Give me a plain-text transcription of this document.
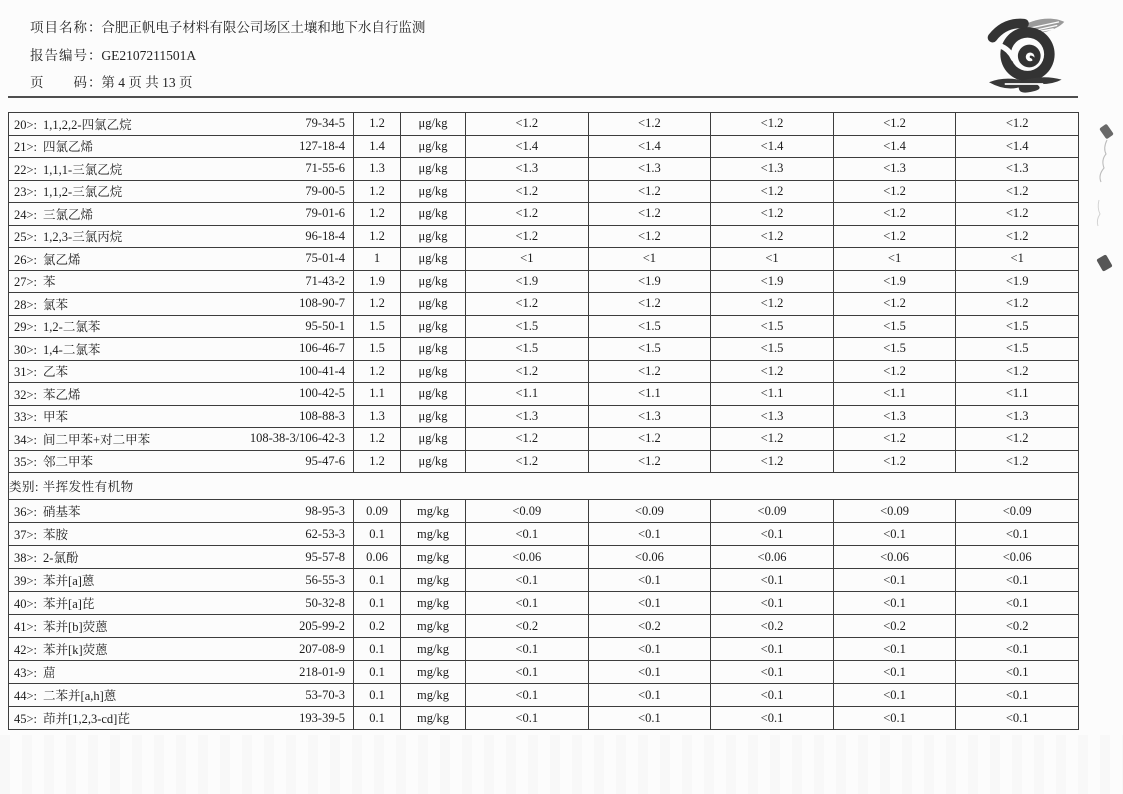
项目名称： 合肥正帆电子材料有限公司场区土壤和地下水自行监测
报告编号： GE2107211501A
页　　码： 第 4 页 共 13 页
20>: 1,1,2,2-四氯乙烷 79-34-5	1.2	μg/kg	<1.2	<1.2	<1.2	<1.2	<1.2

21>: 四氯乙烯 127-18-4	1.4	μg/kg	<1.4	<1.4	<1.4	<1.4	<1.4

22>: 1,1,1-三氯乙烷 71-55-6	1.3	μg/kg	<1.3	<1.3	<1.3	<1.3	<1.3

23>: 1,1,2-三氯乙烷 79-00-5	1.2	μg/kg	<1.2	<1.2	<1.2	<1.2	<1.2

24>: 三氯乙烯 79-01-6	1.2	μg/kg	<1.2	<1.2	<1.2	<1.2	<1.2

25>: 1,2,3-三氯丙烷 96-18-4	1.2	μg/kg	<1.2	<1.2	<1.2	<1.2	<1.2

26>: 氯乙烯 75-01-4	1	μg/kg	<1	<1	<1	<1	<1

27>: 苯 71-43-2	1.9	μg/kg	<1.9	<1.9	<1.9	<1.9	<1.9

28>: 氯苯 108-90-7	1.2	μg/kg	<1.2	<1.2	<1.2	<1.2	<1.2

29>: 1,2-二氯苯 95-50-1	1.5	μg/kg	<1.5	<1.5	<1.5	<1.5	<1.5

30>: 1,4-二氯苯 106-46-7	1.5	μg/kg	<1.5	<1.5	<1.5	<1.5	<1.5

31>: 乙苯 100-41-4	1.2	μg/kg	<1.2	<1.2	<1.2	<1.2	<1.2

32>: 苯乙烯 100-42-5	1.1	μg/kg	<1.1	<1.1	<1.1	<1.1	<1.1

33>: 甲苯 108-88-3	1.3	μg/kg	<1.3	<1.3	<1.3	<1.3	<1.3

34>: 间二甲苯+对二甲苯 108-38-3/106-42-3	1.2	μg/kg	<1.2	<1.2	<1.2	<1.2	<1.2

35>: 邻二甲苯 95-47-6	1.2	μg/kg	<1.2	<1.2	<1.2	<1.2	<1.2
类别: 半挥发性有机物							

36>: 硝基苯 98-95-3	0.09	mg/kg	<0.09	<0.09	<0.09	<0.09	<0.09

37>: 苯胺 62-53-3	0.1	mg/kg	<0.1	<0.1	<0.1	<0.1	<0.1

38>: 2-氯酚 95-57-8	0.06	mg/kg	<0.06	<0.06	<0.06	<0.06	<0.06

39>: 苯并[a]蒽 56-55-3	0.1	mg/kg	<0.1	<0.1	<0.1	<0.1	<0.1

40>: 苯并[a]芘 50-32-8	0.1	mg/kg	<0.1	<0.1	<0.1	<0.1	<0.1

41>: 苯并[b]荧蒽 205-99-2	0.2	mg/kg	<0.2	<0.2	<0.2	<0.2	<0.2

42>: 苯并[k]荧蒽 207-08-9	0.1	mg/kg	<0.1	<0.1	<0.1	<0.1	<0.1

43>: 䓛 218-01-9	0.1	mg/kg	<0.1	<0.1	<0.1	<0.1	<0.1

44>: 二苯并[a,h]蒽 53-70-3	0.1	mg/kg	<0.1	<0.1	<0.1	<0.1	<0.1

45>: 茚并[1,2,3-cd]芘 193-39-5	0.1	mg/kg	<0.1	<0.1	<0.1	<0.1	<0.1
